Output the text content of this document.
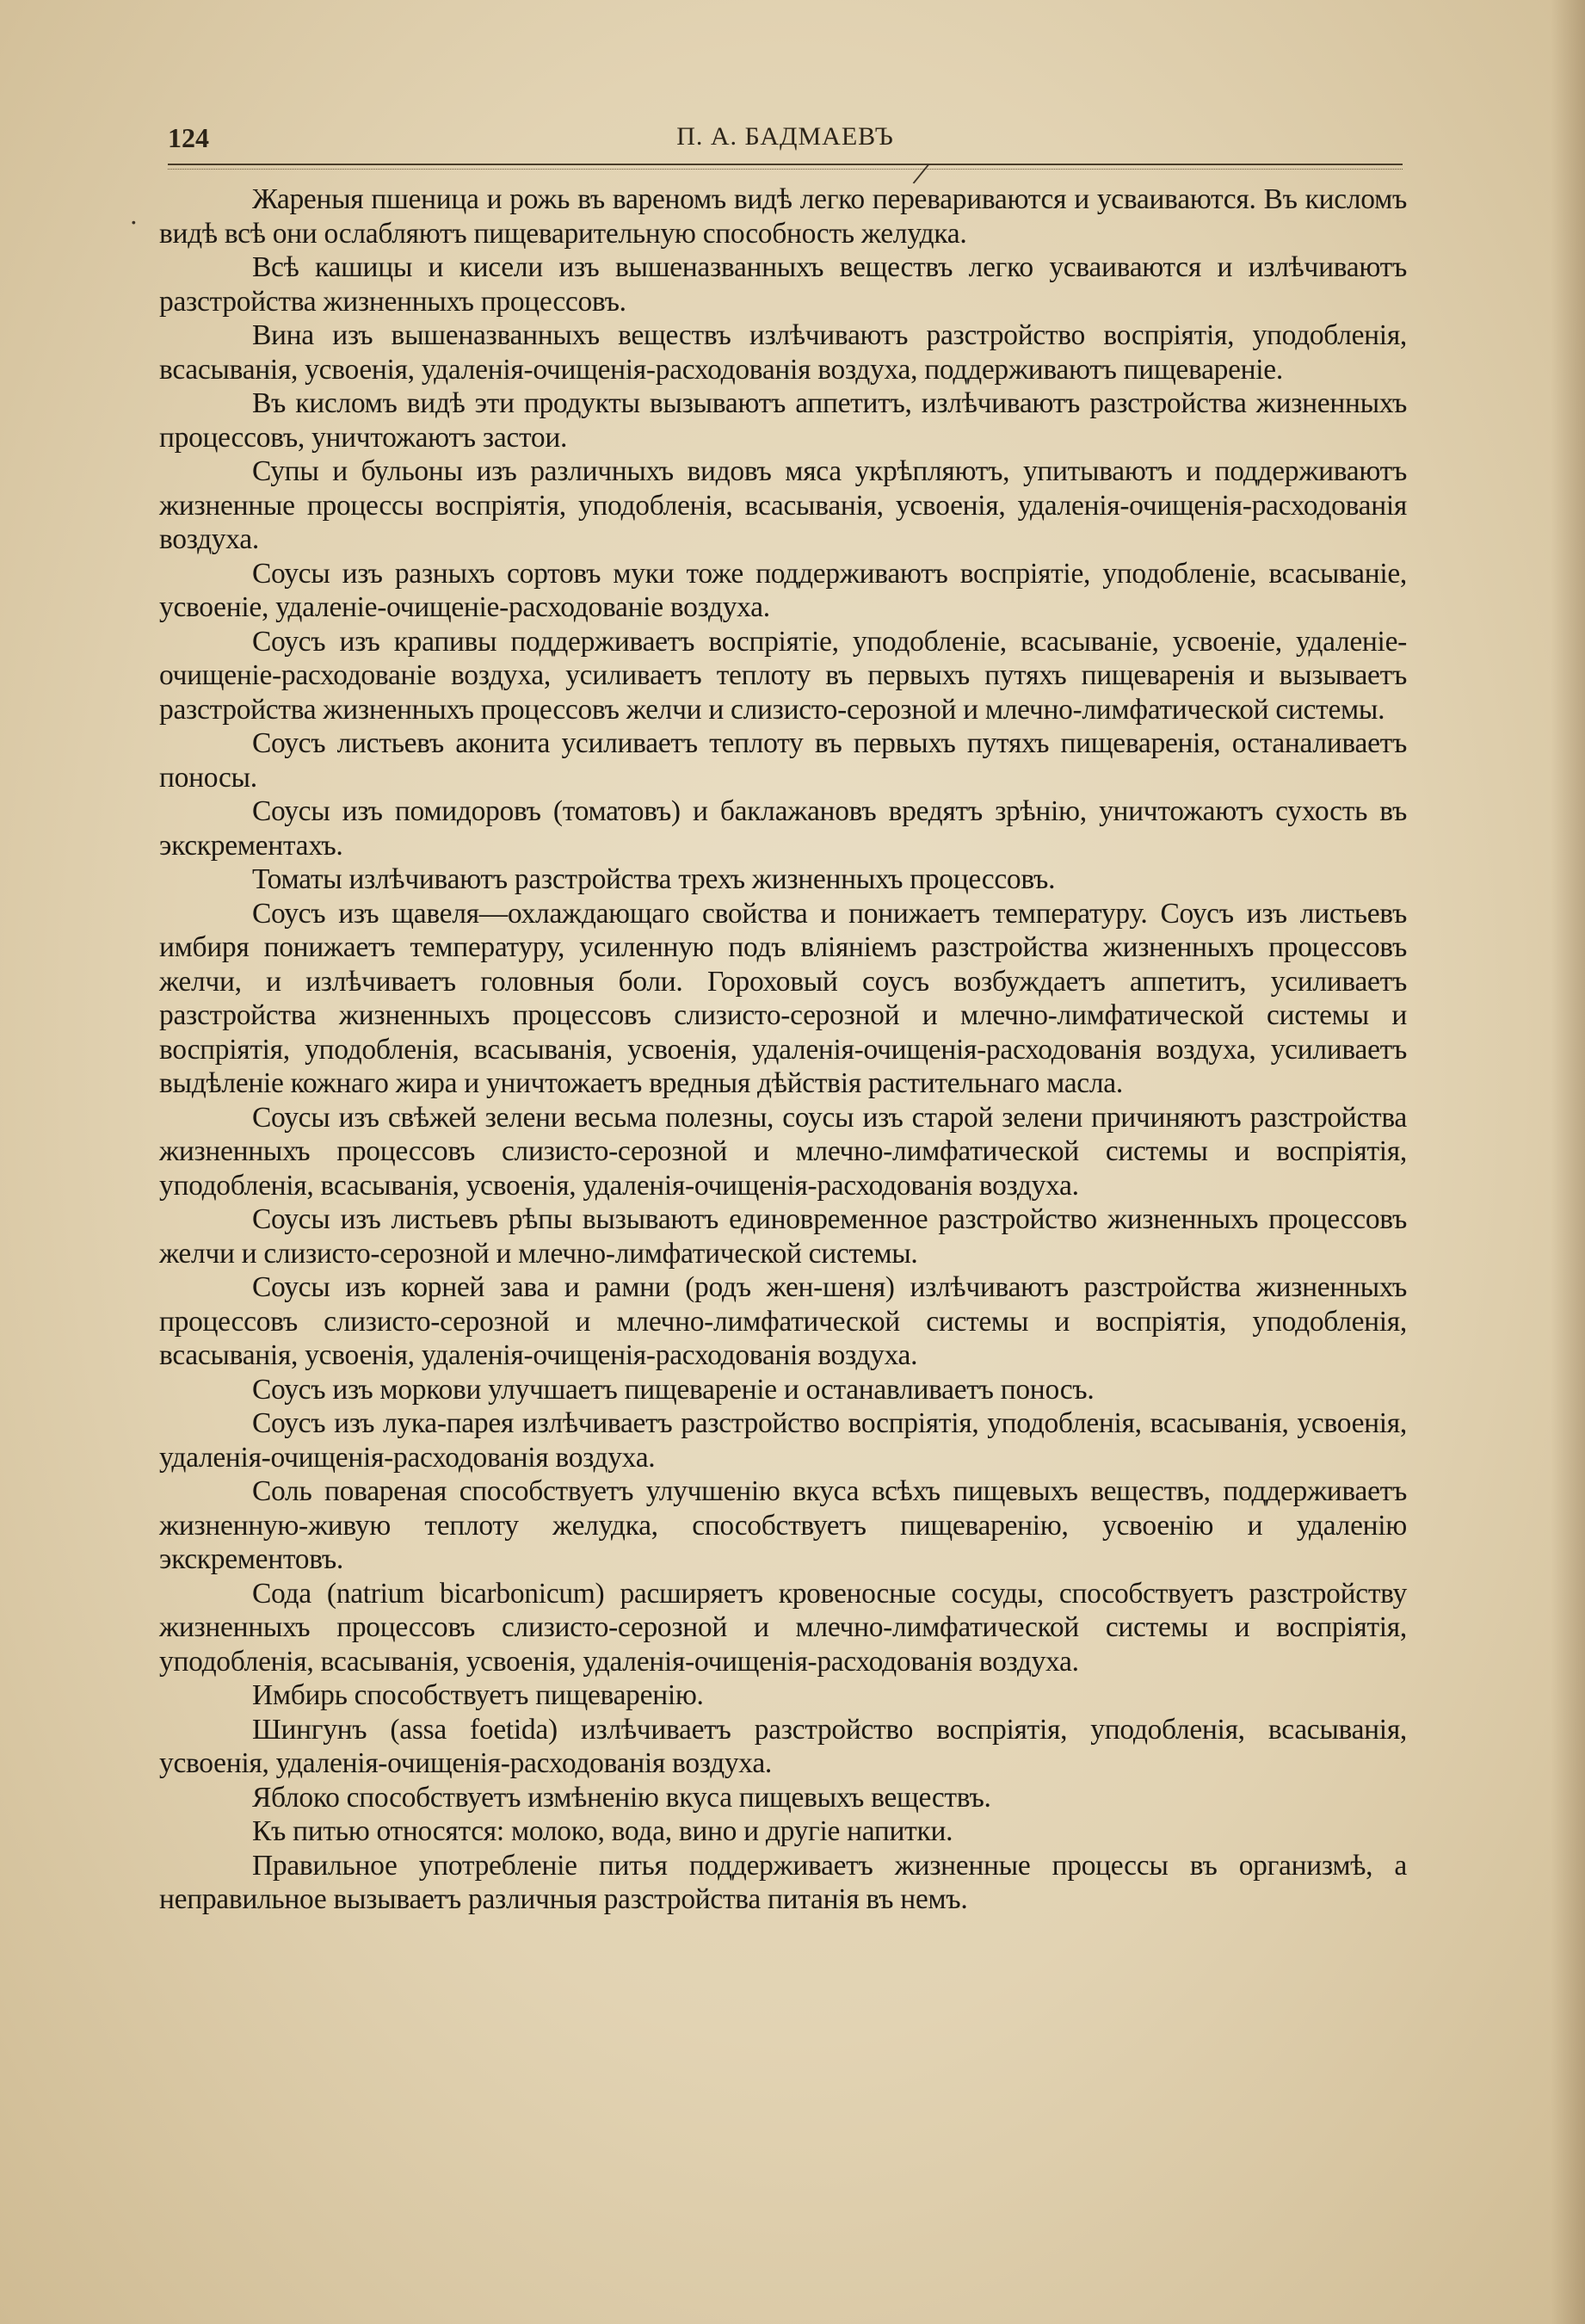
124	П. А. БАДМАЕВЪ
/
·

Жареныя пшеница и рожь въ вареномъ видѣ легко перевариваются и усваиваются. Въ кисломъ видѣ всѣ они ослабляютъ пищеварительную способность желудка.

Всѣ кашицы и кисели изъ вышеназванныхъ веществъ легко усваиваются и излѣчиваютъ разстройства жизненныхъ процессовъ.

Вина изъ вышеназванныхъ веществъ излѣчиваютъ разстройство воспріятія, уподобленія, всасыванія, усвоенія, удаленія-очищенія-расходованія воздуха, поддерживаютъ пищевареніе.

Въ кисломъ видѣ эти продукты вызываютъ аппетитъ, излѣчиваютъ разстройства жизненныхъ процессовъ, уничтожаютъ застои.

Супы и бульоны изъ различныхъ видовъ мяса укрѣпляютъ, упитываютъ и поддерживаютъ жизненные процессы воспріятія, уподобленія, всасыванія, усвоенія, удаленія-очищенія-расходованія воздуха.

Соусы изъ разныхъ сортовъ муки тоже поддерживаютъ воспріятіе, уподобленіе, всасываніе, усвоеніе, удаленіе-очищеніе-расходованіе воздуха.

Соусъ изъ крапивы поддерживаетъ воспріятіе, уподобленіе, всасываніе, усвоеніе, удаленіе-очищеніе-расходованіе воздуха, усиливаетъ теплоту въ первыхъ путяхъ пищеваренія и вызываетъ разстройства жизненныхъ процессовъ желчи и слизисто-серозной и млечно-лимфатической системы.

Соусъ листьевъ аконита усиливаетъ теплоту въ первыхъ путяхъ пищеваренія, останаливаетъ поносы.

Соусы изъ помидоровъ (томатовъ) и баклажановъ вредятъ зрѣнію, уничтожаютъ сухость въ экскрементахъ.

Томаты излѣчиваютъ разстройства трехъ жизненныхъ процессовъ.

Соусъ изъ щавеля—охлаждающаго свойства и понижаетъ температуру. Соусъ изъ листьевъ имбиря понижаетъ температуру, усиленную подъ вліяніемъ разстройства жизненныхъ процессовъ желчи, и излѣчиваетъ головныя боли. Гороховый соусъ возбуждаетъ аппетитъ, усиливаетъ разстройства жизненныхъ процессовъ слизисто-серозной и млечно-лимфатической системы и воспріятія, уподобленія, всасыванія, усвоенія, удаленія-очищенія-расходованія воздуха, усиливаетъ выдѣленіе кожнаго жира и уничтожаетъ вредныя дѣйствія растительнаго масла.

Соусы изъ свѣжей зелени весьма полезны, соусы изъ старой зелени причиняютъ разстройства жизненныхъ процессовъ слизисто-серозной и млечно-лимфатической системы и воспріятія, уподобленія, всасыванія, усвоенія, удаленія-очищенія-расходованія воздуха.

Соусы изъ листьевъ рѣпы вызываютъ единовременное разстройство жизненныхъ процессовъ желчи и слизисто-серозной и млечно-лимфатической системы.

Соусы изъ корней зава и рамни (родъ жен-шеня) излѣчиваютъ разстройства жизненныхъ процессовъ слизисто-серозной и млечно-лимфатической системы и воспріятія, уподобленія, всасыванія, усвоенія, удаленія-очищенія-расходованія воздуха.

Соусъ изъ моркови улучшаетъ пищевареніе и останавливаетъ поносъ.

Соусъ изъ лука-парея излѣчиваетъ разстройство воспріятія, уподобленія, всасыванія, усвоенія, удаленія-очищенія-расходованія воздуха.

Соль повареная способствуетъ улучшенію вкуса всѣхъ пищевыхъ веществъ, поддерживаетъ жизненную-живую теплоту желудка, способствуетъ пищеваренію, усвоенію и удаленію экскрементовъ.

Сода (natrium bicarbonicum) расширяетъ кровеносные сосуды, способствуетъ разстройству жизненныхъ процессовъ слизисто-серозной и млечно-лимфатической системы и воспріятія, уподобленія, всасыванія, усвоенія, удаленія-очищенія-расходованія воздуха.

Имбирь способствуетъ пищеваренію.

Шингунъ (assa foetida) излѣчиваетъ разстройство воспріятія, уподобленія, всасыванія, усвоенія, удаленія-очищенія-расходованія воздуха.

Яблоко способствуетъ измѣненію вкуса пищевыхъ веществъ.

Къ питью относятся: молоко, вода, вино и другіе напитки.

Правильное употребленіе питья поддерживаетъ жизненные процессы въ организмѣ, а неправильное вызываетъ различныя разстройства питанія въ немъ.
